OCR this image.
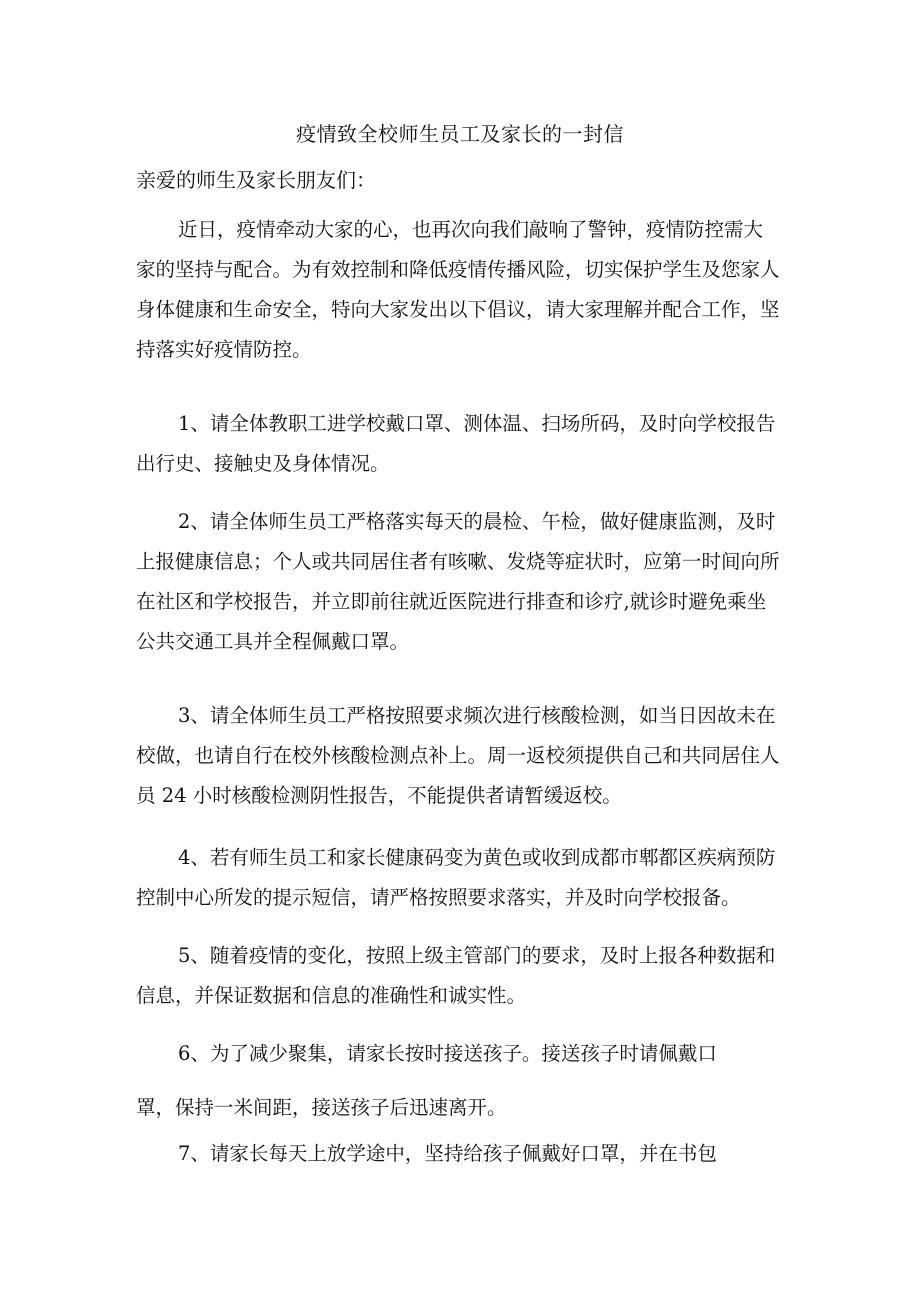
疫情致全校师生员工及家长的一封信
亲爱的师生及家长朋友们：
近日，疫情牵动大家的心，也再次向我们敲响了警钟，疫情防控需大
家的坚持与配合。为有效控制和降低疫情传播风险，切实保护学生及您家人
身体健康和生命安全，特向大家发出以下倡议，请大家理解并配合工作，坚
持落实好疫情防控。
1、请全体教职工进学校戴口罩、测体温、扫场所码，及时向学校报告
出行史、接触史及身体情况。
2、请全体师生员工严格落实每天的晨检、午检，做好健康监测，及时
上报健康信息；个人或共同居住者有咳嗽、发烧等症状时，应第一时间向所
在社区和学校报告，并立即前往就近医院进行排查和诊疗,就诊时避免乘坐
公共交通工具并全程佩戴口罩。
3、请全体师生员工严格按照要求频次进行核酸检测，如当日因故未在
校做，也请自行在校外核酸检测点补上。周一返校须提供自己和共同居住人
员 24 小时核酸检测阴性报告，不能提供者请暂缓返校。
4、若有师生员工和家长健康码变为黄色或收到成都市郫都区疾病预防
控制中心所发的提示短信，请严格按照要求落实，并及时向学校报备。
5、随着疫情的变化，按照上级主管部门的要求，及时上报各种数据和
信息，并保证数据和信息的准确性和诚实性。
6、为了减少聚集，请家长按时接送孩子。接送孩子时请佩戴口
罩，保持一米间距，接送孩子后迅速离开。
7、请家长每天上放学途中，坚持给孩子佩戴好口罩，并在书包
